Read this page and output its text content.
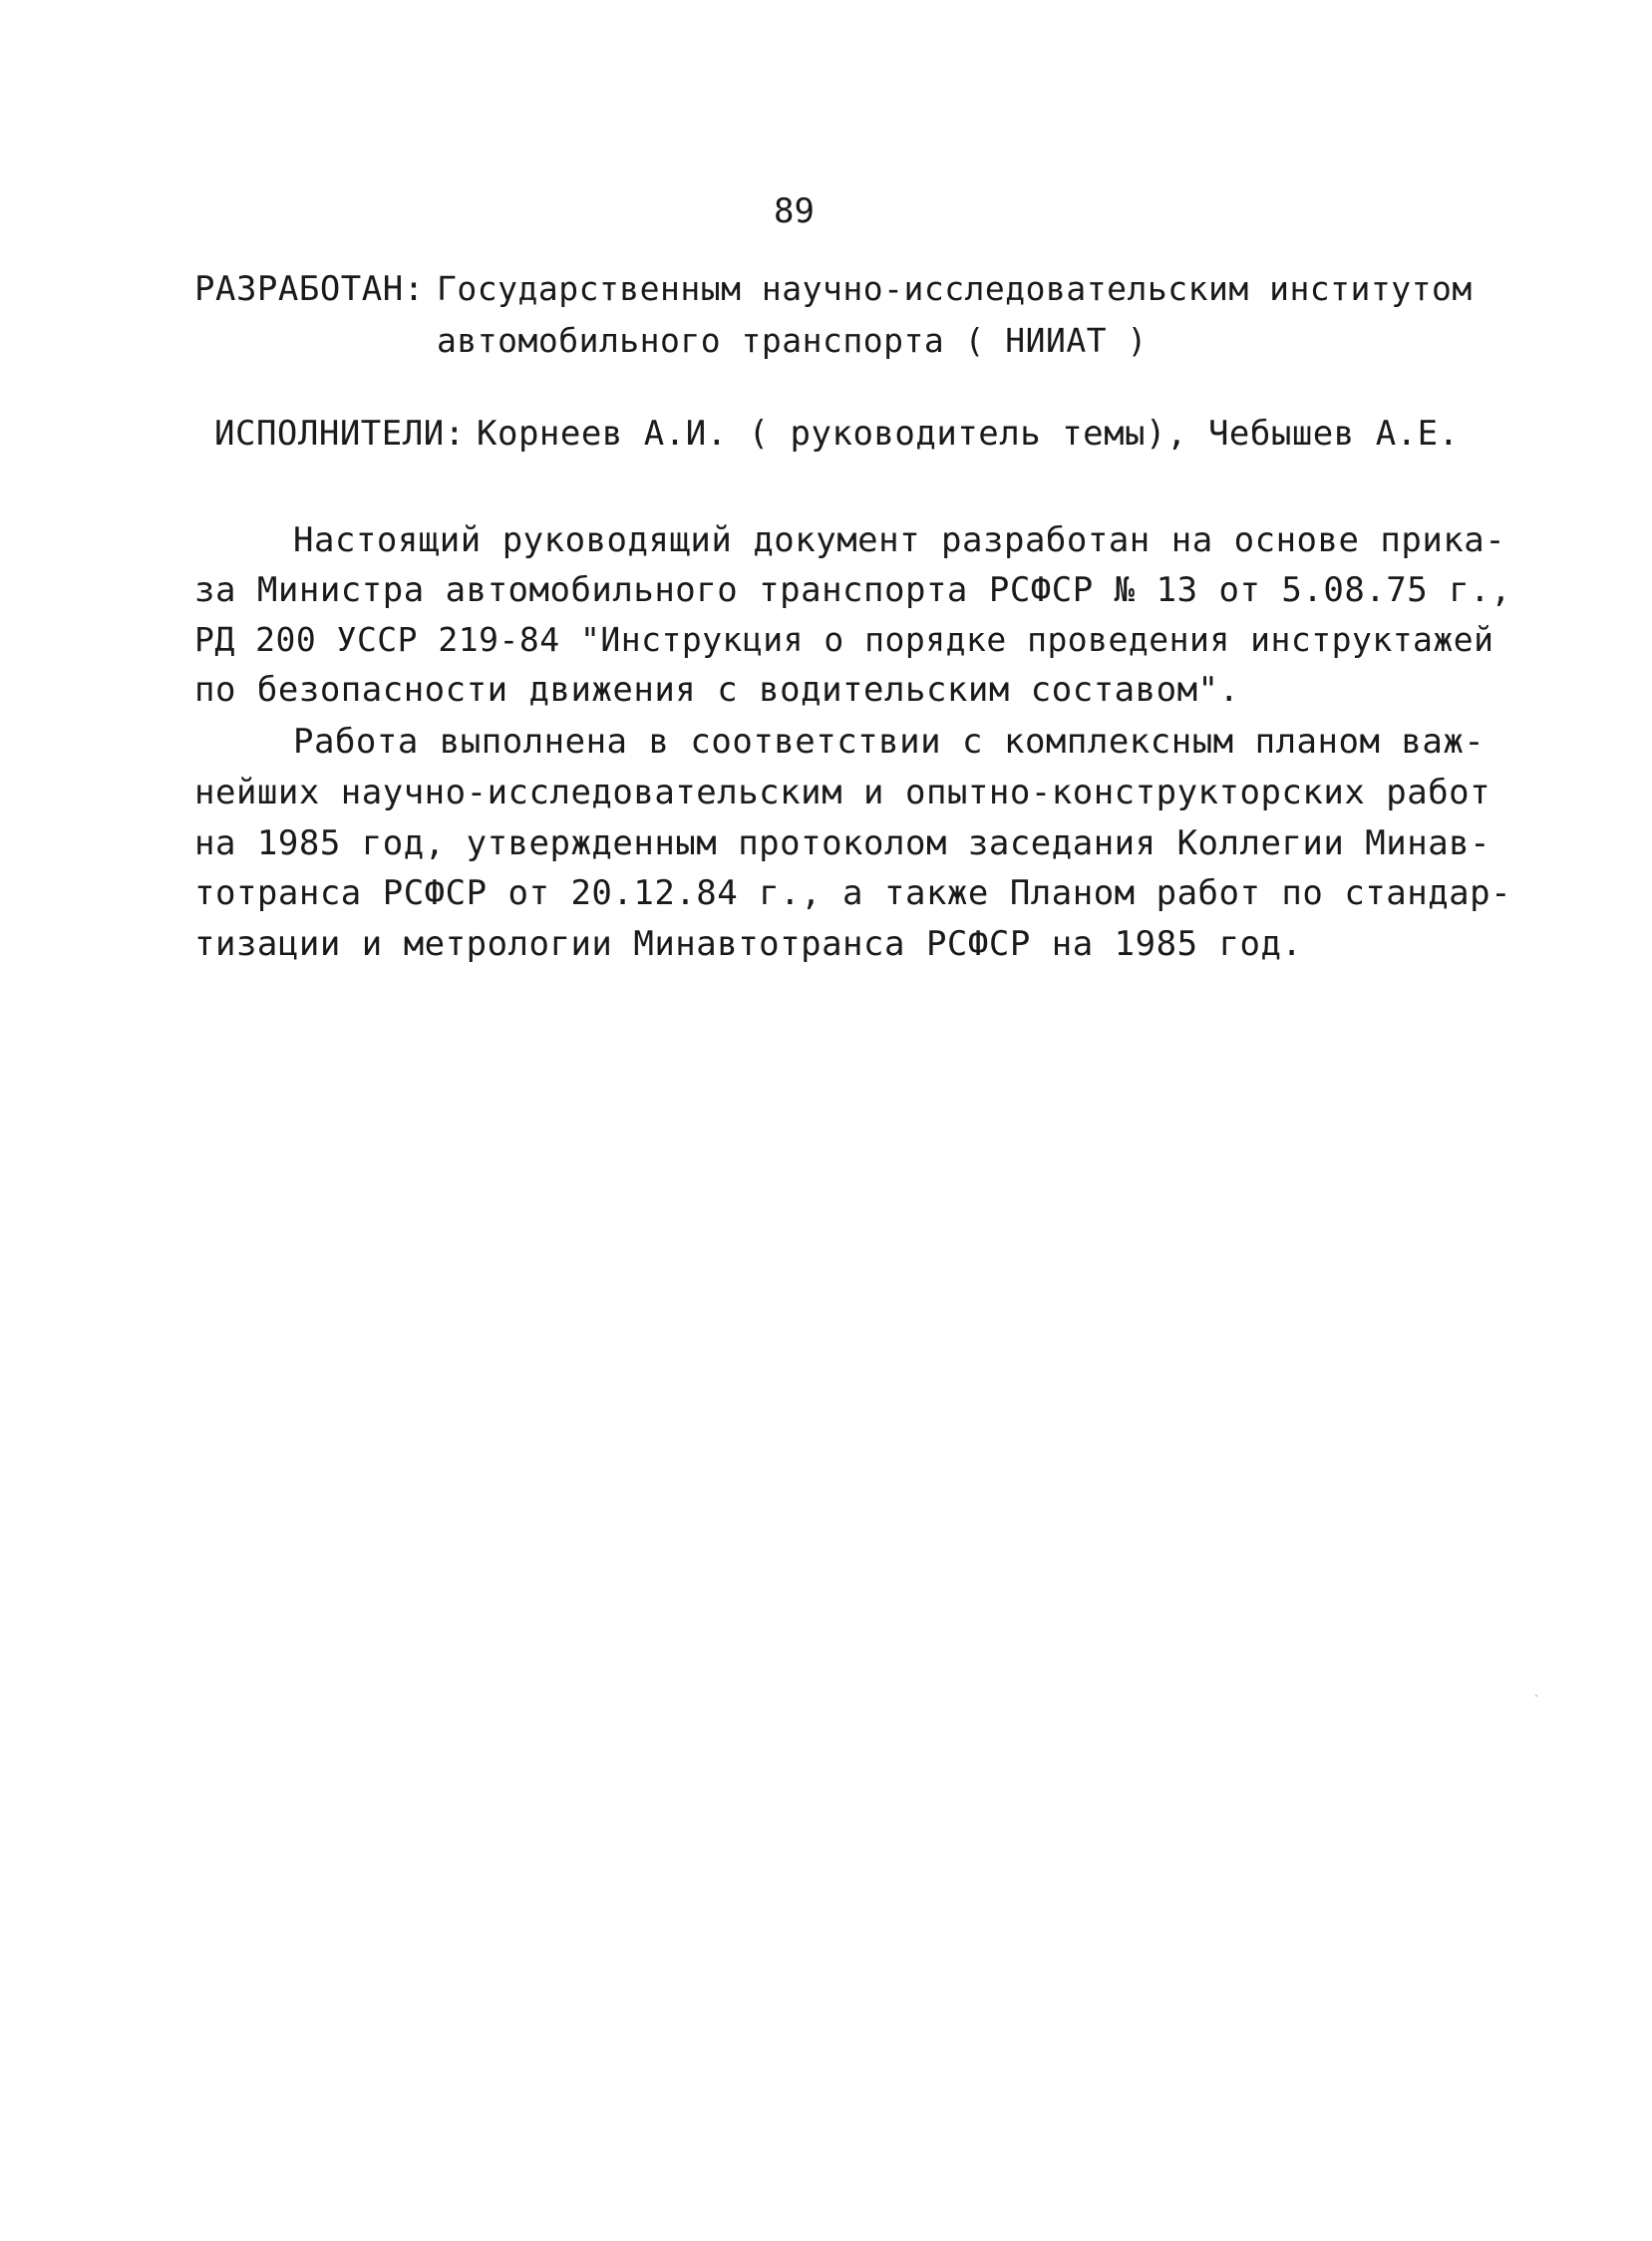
89
РАЗРАБОТАН: Государственным научно-исследовательским институтом
автомобильного транспорта ( НИИАТ )
ИСПОЛНИТЕЛИ: Корнеев А.И. ( руководитель темы), Чебышев А.Е.
Настоящий руководящий документ разработан на основе прика-
за Министра автомобильного транспорта РСФСР № 13 от 5.08.75 г.,
РД 200 УССР 219-84 "Инструкция о порядке проведения инструктажей
по безопасности движения с водительским составом".
Работа выполнена в соответствии с комплексным планом важ-
нейших научно-исследовательским и опытно-конструкторских работ
на 1985 год, утвержденным протоколом заседания Коллегии Минав-
тотранса РСФСР от 20.12.84 г., а также Планом работ по стандар-
тизации и метрологии Минавтотранса РСФСР на 1985 год.
